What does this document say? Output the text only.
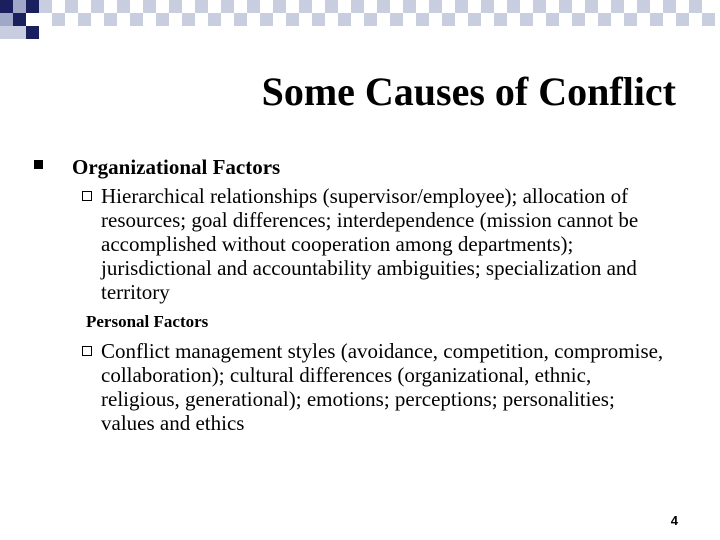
Some Causes of Conflict
Organizational Factors
Hierarchical relationships (supervisor/employee); allocation of resources; goal differences; interdependence (mission cannot be accomplished without cooperation among departments); jurisdictional and accountability ambiguities; specialization and territory
Personal Factors
Conflict management styles (avoidance, competition, compromise, collaboration); cultural differences (organizational, ethnic, religious, generational); emotions; perceptions; personalities; values and ethics
4
